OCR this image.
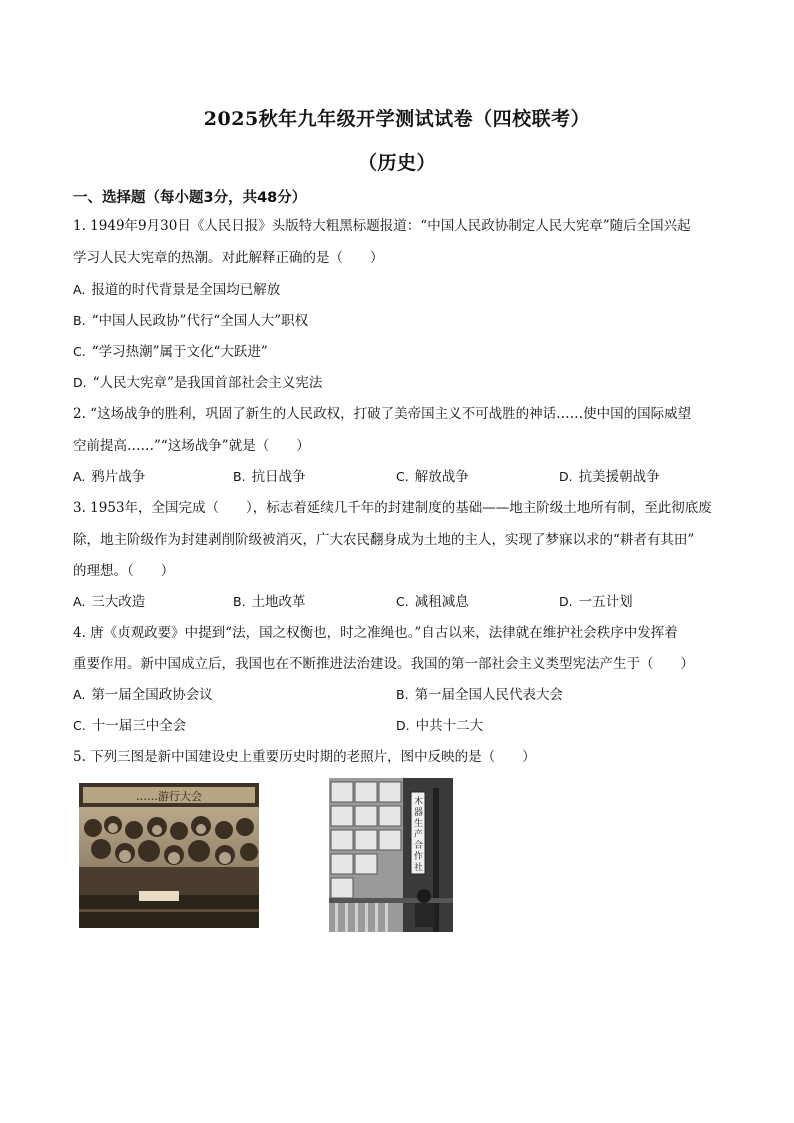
2025秋年九年级开学测试试卷（四校联考）
（历史）
一、选择题（每小题3分，共48分）
1. 1949年9月30日《人民日报》头版特大粗黑标题报道：“中国人民政协制定人民大宪章”随后全国兴起
学习人民大宪章的热潮。对此解释正确的是（　　）
A. 报道的时代背景是全国均已解放
B. “中国人民政协”代行“全国人大”职权
C. “学习热潮”属于文化“大跃进”
D. “人民大宪章”是我国首部社会主义宪法
2. “这场战争的胜利，巩固了新生的人民政权，打破了美帝国主义不可战胜的神话……使中国的国际威望
空前提高……”“这场战争”就是（　　）
A. 鸦片战争	B. 抗日战争	C. 解放战争	D. 抗美援朝战争
3. 1953年，全国完成（　　），标志着延续几千年的封建制度的基础——地主阶级土地所有制，至此彻底废
除，地主阶级作为封建剥削阶级被消灭，广大农民翻身成为土地的主人，实现了梦寐以求的“耕者有其田”
的理想。（　　）
A. 三大改造	B. 土地改革	C. 减租减息	D. 一五计划
4. 唐《贞观政要》中提到“法，国之权衡也，时之准绳也。”自古以来，法律就在维护社会秩序中发挥着
重要作用。新中国成立后，我国也在不断推进法治建设。我国的第一部社会主义类型宪法产生于（　　）
A. 第一届全国政协会议	B. 第一届全国人民代表大会
C. 十一届三中全会	D. 中共十二大
5. 下列三图是新中国建设史上重要历史时期的老照片，图中反映的是（　　）
……游行大会	木 器 生 产 合 作 社
